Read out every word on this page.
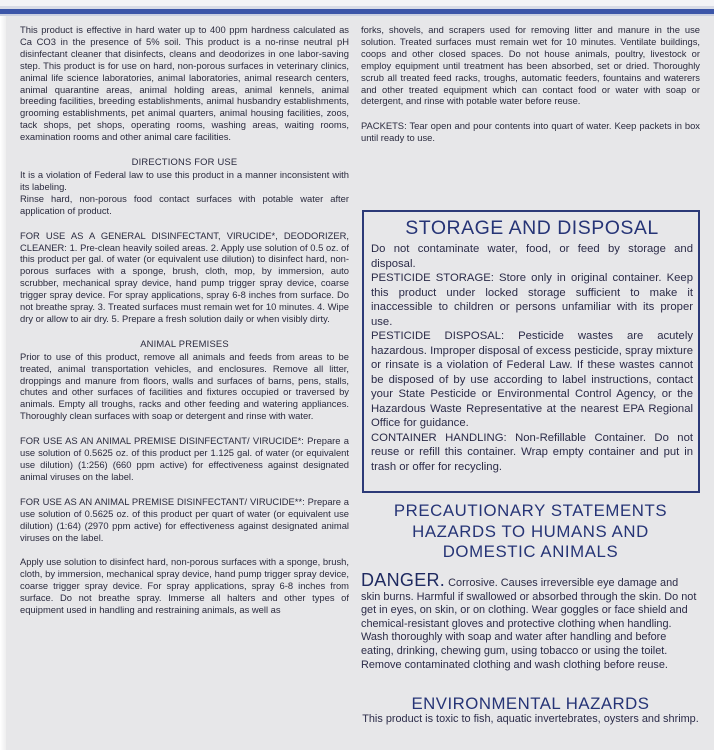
This product is effective in hard water up to 400 ppm hardness calculated as Ca CO3 in the presence of 5% soil. This product is a no-rinse neutral pH disinfectant cleaner that disinfects, cleans and deodorizes in one labor-saving step. This product is for use on hard, non-porous surfaces in veterinary clinics, animal life science laboratories, animal laboratories, animal research centers, animal quarantine areas, animal holding areas, animal kennels, animal breeding facilities, breeding establishments, animal husbandry establishments, grooming establishments, pet animal quarters, animal housing facilities, zoos, tack shops, pet shops, operating rooms, washing areas, waiting rooms, examination rooms and other animal care facilities.

DIRECTIONS FOR USE

It is a violation of Federal law to use this product in a manner inconsistent with its labeling.

Rinse hard, non-porous food contact surfaces with potable water after application of product.

FOR USE AS A GENERAL DISINFECTANT, VIRUCIDE*, DEODORIZER, CLEANER: 1. Pre-clean heavily soiled areas. 2. Apply use solution of 0.5 oz. of this product per gal. of water (or equivalent use dilution) to disinfect hard, non-porous surfaces with a sponge, brush, cloth, mop, by immersion, auto scrubber, mechanical spray device, hand pump trigger spray device, coarse trigger spray device. For spray applications, spray 6-8 inches from surface. Do not breathe spray. 3. Treated surfaces must remain wet for 10 minutes. 4. Wipe dry or allow to air dry. 5. Prepare a fresh solution daily or when visibly dirty.

ANIMAL PREMISES

Prior to use of this product, remove all animals and feeds from areas to be treated, animal transportation vehicles, and enclosures. Remove all litter, droppings and manure from floors, walls and surfaces of barns, pens, stalls, chutes and other surfaces of facilities and fixtures occupied or traversed by animals. Empty all troughs, racks and other feeding and watering appliances. Thoroughly clean surfaces with soap or detergent and rinse with water.

FOR USE AS AN ANIMAL PREMISE DISINFECTANT/ VIRUCIDE*: Prepare a use solution of 0.5625 oz. of this product per 1.125 gal. of water (or equivalent use dilution) (1:256) (660 ppm active) for effectiveness against designated animal viruses on the label.

FOR USE AS AN ANIMAL PREMISE DISINFECTANT/ VIRUCIDE**: Prepare a use solution of 0.5625 oz. of this product per quart of water (or equivalent use dilution) (1:64) (2970 ppm active) for effectiveness against designated animal viruses on the label.

Apply use solution to disinfect hard, non-porous surfaces with a sponge, brush, cloth, by immersion, mechanical spray device, hand pump trigger spray device, coarse trigger spray device. For spray applications, spray 6-8 inches from surface. Do not breathe spray. Immerse all halters and other types of equipment used in handling and restraining animals, as well as

forks, shovels, and scrapers used for removing litter and manure in the use solution. Treated surfaces must remain wet for 10 minutes. Ventilate buildings, coops and other closed spaces. Do not house animals, poultry, livestock or employ equipment until treatment has been absorbed, set or dried. Thoroughly scrub all treated feed racks, troughs, automatic feeders, fountains and waterers and other treated equipment which can contact food or water with soap or detergent, and rinse with potable water before reuse.

PACKETS: Tear open and pour contents into quart of water. Keep packets in box until ready to use.

STORAGE AND DISPOSAL

Do not contaminate water, food, or feed by storage and disposal.

PESTICIDE STORAGE: Store only in original container. Keep this product under locked storage sufficient to make it inaccessible to children or persons unfamiliar with its proper use.

PESTICIDE DISPOSAL: Pesticide wastes are acutely hazardous. Improper disposal of excess pesticide, spray mixture or rinsate is a violation of Federal Law. If these wastes cannot be disposed of by use according to label instructions, contact your State Pesticide or Environmental Control Agency, or the Hazardous Waste Representative at the nearest EPA Regional Office for guidance.

CONTAINER HANDLING: Non-Refillable Container. Do not reuse or refill this container. Wrap empty container and put in trash or offer for recycling.

PRECAUTIONARY STATEMENTS
HAZARDS TO HUMANS AND
DOMESTIC ANIMALS
DANGER. Corrosive. Causes irreversible eye damage and skin burns. Harmful if swallowed or absorbed through the skin. Do not get in eyes, on skin, or on clothing. Wear goggles or face shield and chemical-resistant gloves and protective clothing when handling. Wash thoroughly with soap and water after handling and before eating, drinking, chewing gum, using tobacco or using the toilet. Remove contaminated clothing and wash clothing before reuse.
ENVIRONMENTAL HAZARDS
This product is toxic to fish, aquatic invertebrates, oysters and shrimp.
